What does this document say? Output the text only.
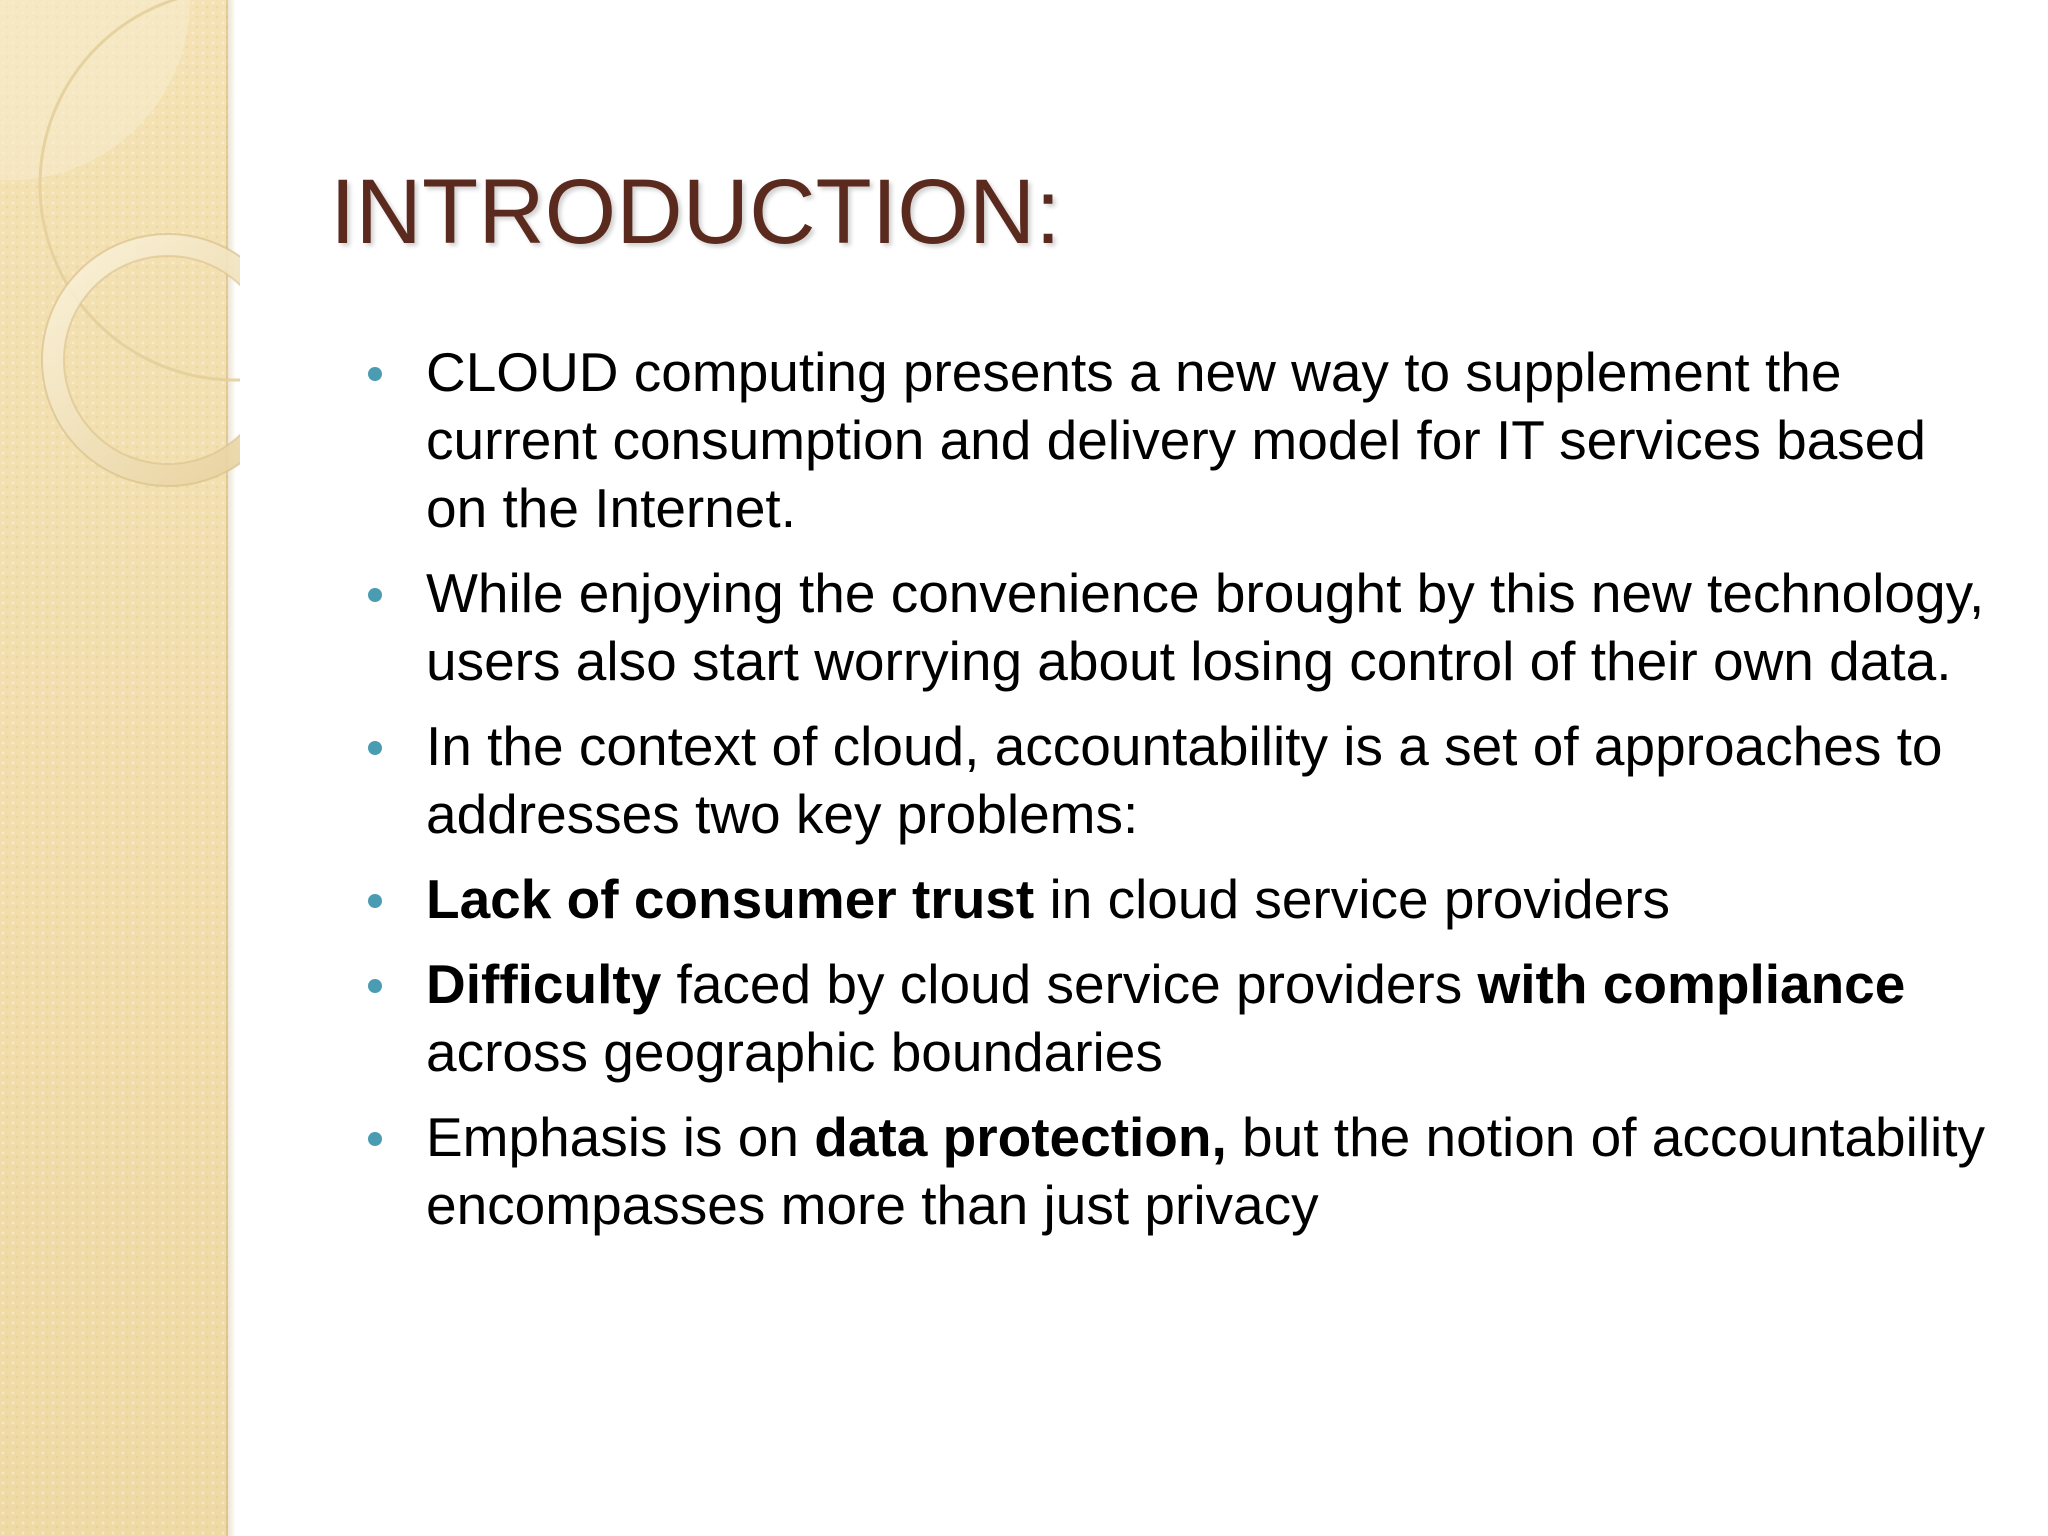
INTRODUCTION:
CLOUD computing presents a new way to supplement the current consumption and delivery model for IT services based on the Internet.
While enjoying the convenience brought by this new technology, users also start worrying about losing control of their own data.
In the context of cloud, accountability is a set of approaches to addresses two key problems:
Lack of consumer trust in cloud service providers
Difficulty faced by cloud service providers with compliance across geographic boundaries
Emphasis is on data protection, but the notion of accountability encompasses more than just privacy
